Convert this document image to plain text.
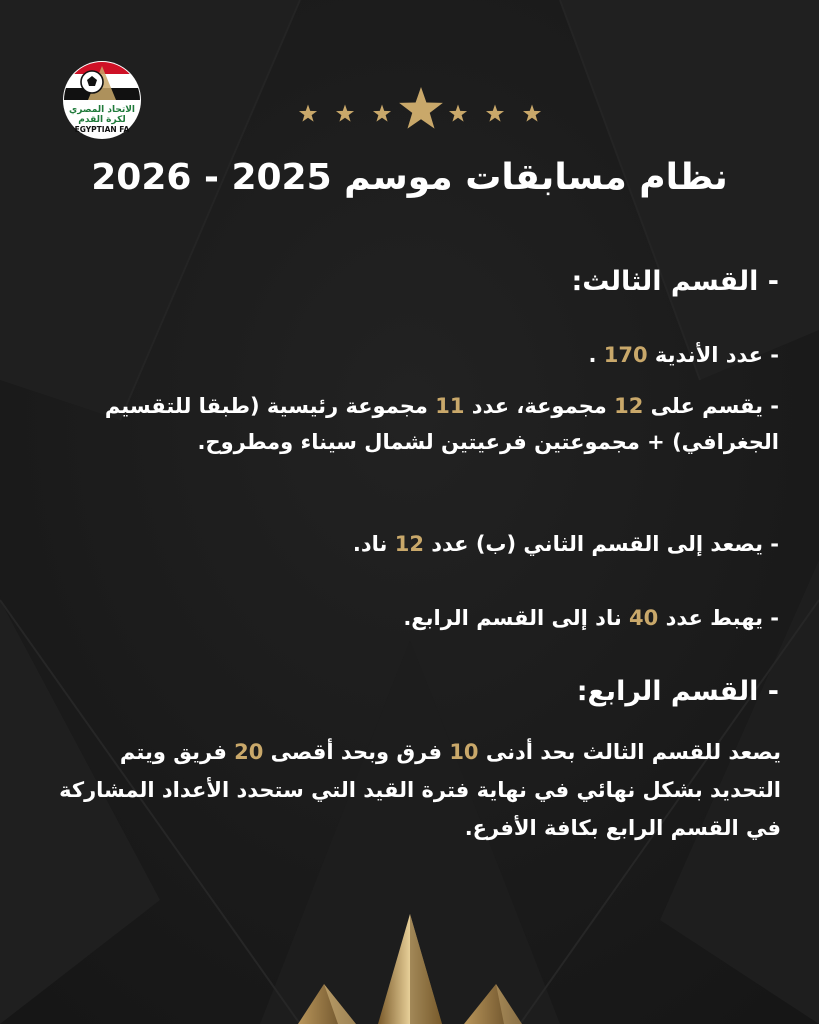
الاتحاد المصري
لكرة القدم
EGYPTIAN FA
نظام مسابقات موسم 2025 - 2026

- القسم الثالث:

- عدد الأندية 170 .

- يقسم على 12 مجموعة، عدد 11 مجموعة رئيسية (طبقا للتقسيم الجغرافي) + مجموعتين فرعيتين لشمال سيناء ومطروح.

- يصعد إلى القسم الثاني (ب) عدد 12 ناد.

- يهبط عدد 40 ناد إلى القسم الرابع.

- القسم الرابع:

يصعد للقسم الثالث بحد أدنى 10 فرق وبحد أقصى 20 فريق ويتم التحديد بشكل نهائي في نهاية فترة القيد التي ستحدد الأعداد المشاركة في القسم الرابع بكافة الأفرع.
